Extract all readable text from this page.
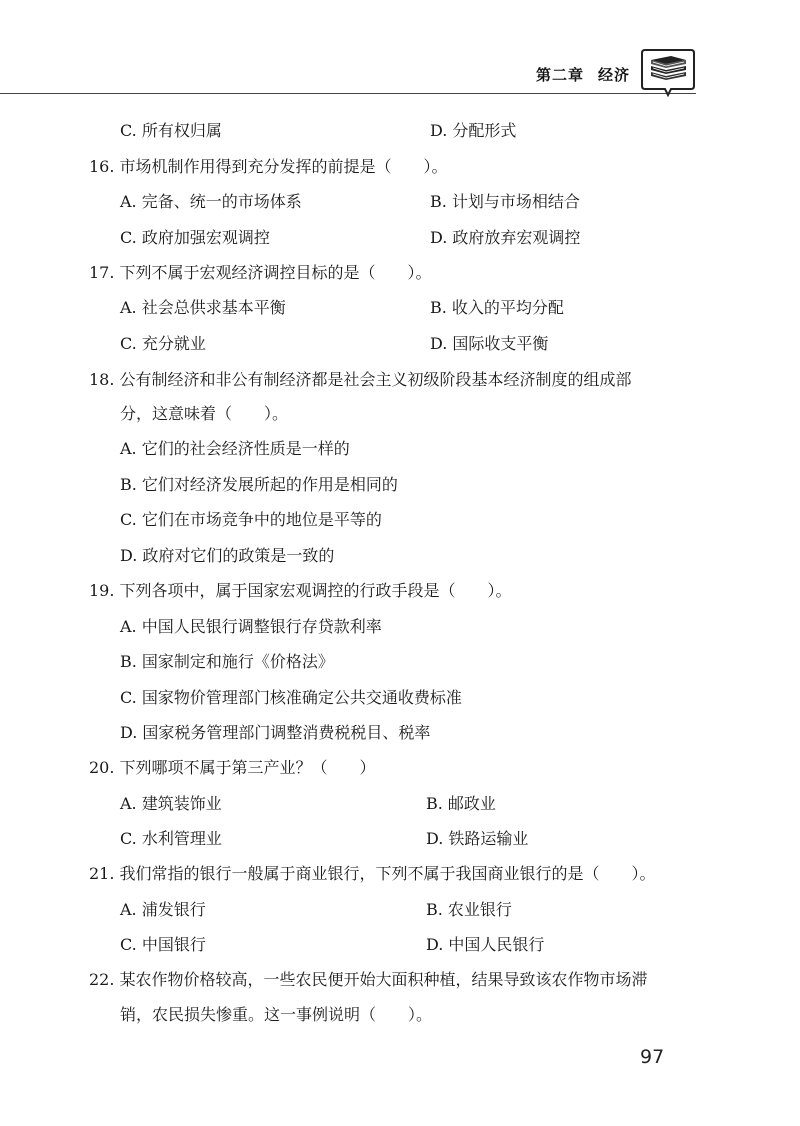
第二章 经济
C. 所有权归属	D. 分配形式
16. 市场机制作用得到充分发挥的前提是（　　）。
A. 完备、统一的市场体系	B. 计划与市场相结合
C. 政府加强宏观调控	D. 政府放弃宏观调控
17. 下列不属于宏观经济调控目标的是（　　）。
A. 社会总供求基本平衡	B. 收入的平均分配
C. 充分就业	D. 国际收支平衡
18. 公有制经济和非公有制经济都是社会主义初级阶段基本经济制度的组成部
分，这意味着（　　）。
A. 它们的社会经济性质是一样的
B. 它们对经济发展所起的作用是相同的
C. 它们在市场竞争中的地位是平等的
D. 政府对它们的政策是一致的
19. 下列各项中，属于国家宏观调控的行政手段是（　　）。
A. 中国人民银行调整银行存贷款利率
B. 国家制定和施行《价格法》
C. 国家物价管理部门核准确定公共交通收费标准
D. 国家税务管理部门调整消费税税目、税率
20. 下列哪项不属于第三产业？（　　）
A. 建筑装饰业	B. 邮政业
C. 水利管理业	D. 铁路运输业
21. 我们常指的银行一般属于商业银行，下列不属于我国商业银行的是（　　）。
A. 浦发银行	B. 农业银行
C. 中国银行	D. 中国人民银行
22. 某农作物价格较高，一些农民便开始大面积种植，结果导致该农作物市场滞
销，农民损失惨重。这一事例说明（　　）。
97
